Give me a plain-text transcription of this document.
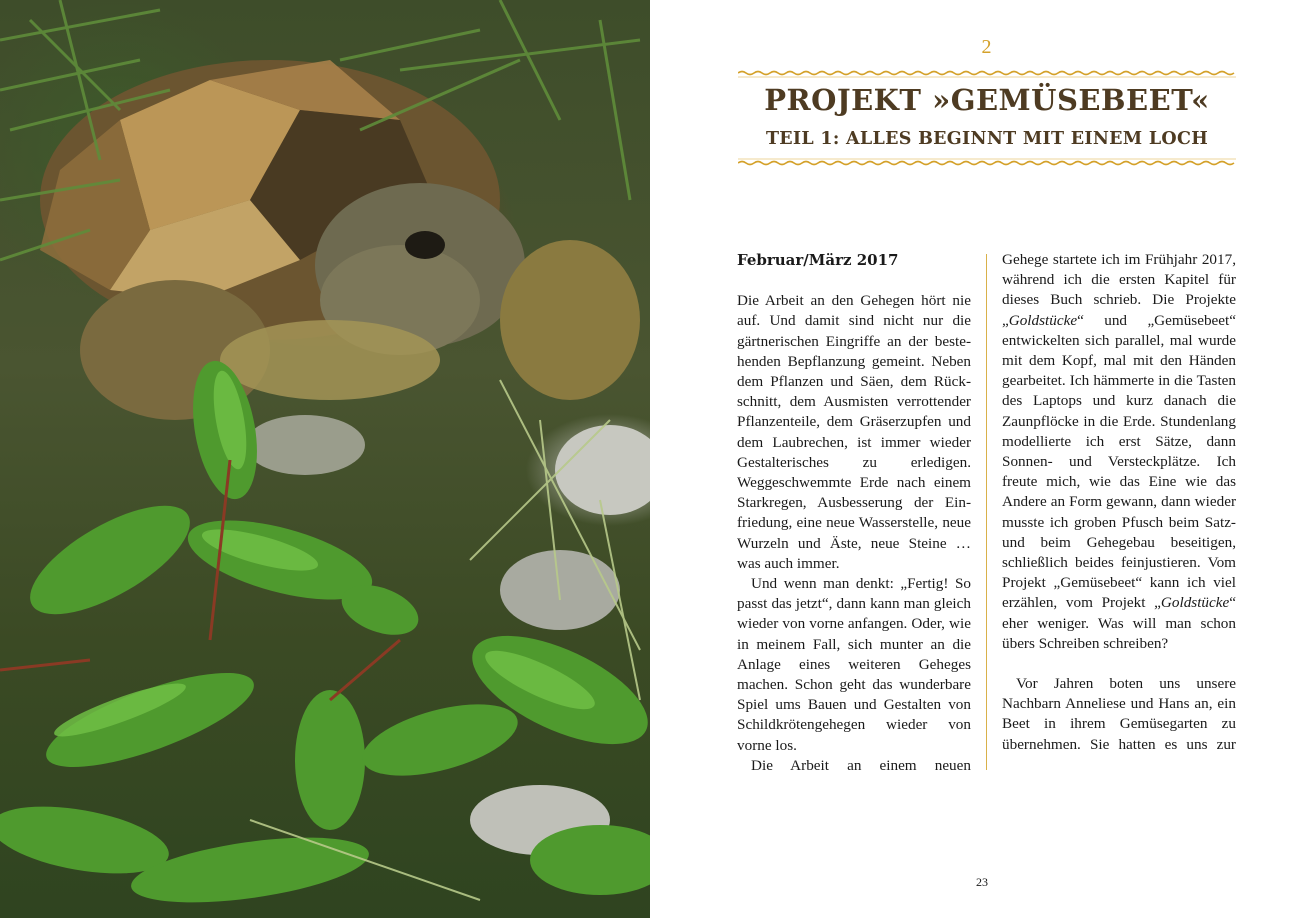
2
PROJEKT »GEMÜSEBEET«
TEIL 1: ALLES BEGINNT MIT EINEM LOCH

Februar/März 2017

Die Arbeit an den Gehegen hört nie auf. Und damit sind nicht nur die gärtnerischen Eingriffe an der bestehenden Bepflanzung gemeint. Neben dem Pflanzen und Säen, dem Rückschnitt, dem Ausmisten verrottender Pflanzenteile, dem Gräserzupfen und dem Laubrechen, ist immer wieder Gestalterisches zu erledigen. Weggeschwemmte Erde nach einem Starkregen, Ausbesserung der Einfriedung, eine neue Wasserstelle, neue Wurzeln und Äste, neue Steine … was auch immer.

Und wenn man denkt: „Fertig! So passt das jetzt“, dann kann man gleich wieder von vorne anfangen. Oder, wie in meinem Fall, sich munter an die Anlage eines weiteren Geheges machen. Schon geht das wunderbare Spiel ums Bauen und Gestalten von Schildkrötengehegen wieder von vorne los.

Die Arbeit an einem neuen

Gehege startete ich im Frühjahr 2017, während ich die ersten Kapitel für dieses Buch schrieb. Die Projekte „Goldstücke“ und „Gemüsebeet“ entwickelten sich parallel, mal wurde mit dem Kopf, mal mit den Händen gearbeitet. Ich hämmerte in die Tasten des Laptops und kurz danach die Zaunpflöcke in die Erde. Stundenlang modellierte ich erst Sätze, dann Sonnen- und Versteckplätze. Ich freute mich, wie das Eine wie das Andere an Form gewann, dann wieder musste ich groben Pfusch beim Satz- und beim Gehegebau beseitigen, schließlich beides feinjustieren. Vom Projekt „Gemüsebeet“ kann ich viel erzählen, vom Projekt „Goldstücke“ eher weniger. Was will man schon übers Schreiben schreiben?

Vor Jahren boten uns unsere Nachbarn Anneliese und Hans an, ein Beet in ihrem Gemüsegarten zu übernehmen. Sie hatten es uns zur

23
